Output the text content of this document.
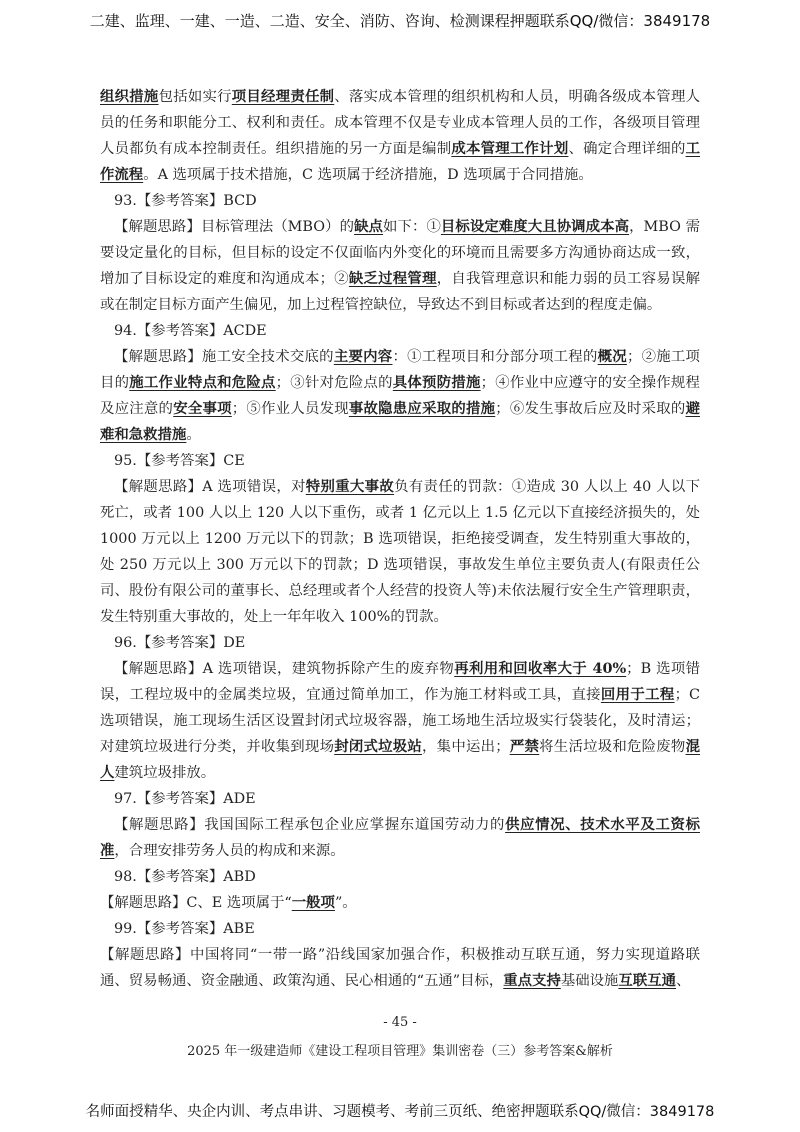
二建、监理、一建、一造、二造、安全、消防、咨询、检测课程押题联系QQ/微信：3849178

组织措施包括如实行项目经理责任制、落实成本管理的组织机构和人员，明确各级成本管理人员的任务和职能分工、权利和责任。成本管理不仅是专业成本管理人员的工作，各级项目管理人员都负有成本控制责任。组织措施的另一方面是编制成本管理工作计划、确定合理详细的工作流程。A 选项属于技术措施，C 选项属于经济措施，D 选项属于合同措施。

93.【参考答案】BCD

【解题思路】目标管理法（MBO）的缺点如下：①目标设定难度大且协调成本高，MBO 需要设定量化的目标，但目标的设定不仅面临内外变化的环境而且需要多方沟通协商达成一致，增加了目标设定的难度和沟通成本；②缺乏过程管理，自我管理意识和能力弱的员工容易误解或在制定目标方面产生偏见，加上过程管控缺位，导致达不到目标或者达到的程度走偏。

94.【参考答案】ACDE

【解题思路】施工安全技术交底的主要内容：①工程项目和分部分项工程的概况；②施工项目的施工作业特点和危险点；③针对危险点的具体预防措施；④作业中应遵守的安全操作规程及应注意的安全事项；⑤作业人员发现事故隐患应采取的措施；⑥发生事故后应及时采取的避难和急救措施。

95.【参考答案】CE

【解题思路】A 选项错误，对特别重大事故负有责任的罚款：①造成 30 人以上 40 人以下死亡，或者 100 人以上 120 人以下重伤，或者 1 亿元以上 1.5 亿元以下直接经济损失的，处 1000 万元以上 1200 万元以下的罚款；B 选项错误，拒绝接受调查，发生特别重大事故的，处 250 万元以上 300 万元以下的罚款；D 选项错误，事故发生单位主要负责人(有限责任公司、股份有限公司的董事长、总经理或者个人经营的投资人等)未依法履行安全生产管理职责，发生特别重大事故的，处上一年年收入 100%的罚款。

96.【参考答案】DE

【解题思路】A 选项错误，建筑物拆除产生的废弃物再利用和回收率大于 40%；B 选项错误，工程垃圾中的金属类垃圾，宜通过简单加工，作为施工材料或工具，直接回用于工程；C 选项错误，施工现场生活区设置封闭式垃圾容器，施工场地生活垃圾实行袋装化，及时清运；对建筑垃圾进行分类，并收集到现场封闭式垃圾站，集中运出；严禁将生活垃圾和危险废物混人建筑垃圾排放。

97.【参考答案】ADE

【解题思路】我国国际工程承包企业应掌握东道国劳动力的供应情况、技术水平及工资标准，合理安排劳务人员的构成和来源。

98.【参考答案】ABD

【解题思路】C、E 选项属于“一般项”。

99.【参考答案】ABE

【解题思路】中国将同“一带一路”沿线国家加强合作，积极推动互联互通，努力实现道路联通、贸易畅通、资金融通、政策沟通、民心相通的“五通”目标，重点支持基础设施互联互通、

- 45 -
2025 年一级建造师《建设工程项目管理》集训密卷（三）参考答案&解析
名师面授精华、央企内训、考点串讲、习题模考、考前三页纸、绝密押题联系QQ/微信：3849178
